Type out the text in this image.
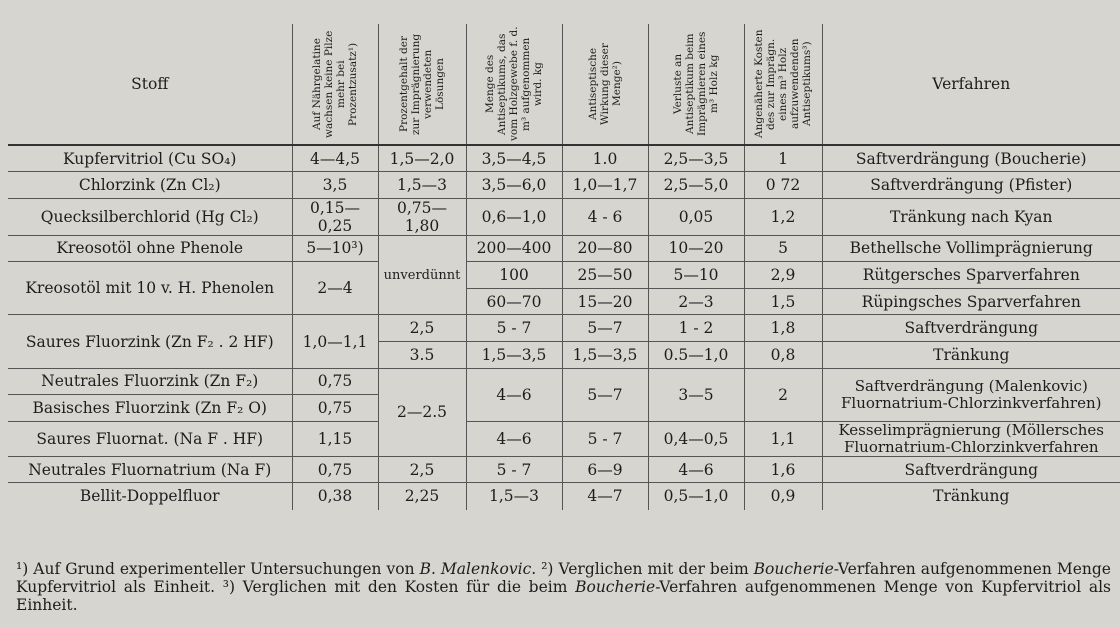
Stoff	Auf Nährgelatine wachsen keine Pilze mehr bei Prozentzusatz¹)	Prozentgehalt der zur Imprägnierung verwendeten Lösungen	Menge des Antiseptikums, das vom Holzgewebe f. d. m³ aufgenommen wird. kg	Antiseptische Wirkung dieser Menge²)	Verluste an Antiseptikum beim Imprägnieren eines m³ Holz kg	Angenäherte Kosten des zur Imprägn. eines m³ Holz aufzuwendenden Antiseptikums³)	Verfahren
Kupfervitriol (Cu SO₄)	4—4,5	1,5—2,0	3,5—4,5	1.0	2,5—3,5	1	Saftverdrängung (Boucherie)
Chlorzink (Zn Cl₂)	3,5	1,5—3	3,5—6,0	1,0—1,7	2,5—5,0	0 72	Saftverdrängung (Pfister)
Quecksilberchlorid (Hg Cl₂)	0,15—0,25	0,75—1,80	0,6—1,0	4 - 6	0,05	1,2	Tränkung nach Kyan
Kreosotöl ohne Phenole	5—10³)	unverdünnt	200—400	20—80	10—20	5	Bethellsche Vollimprägnierung
Kreosotöl mit 10 v. H. Phenolen	2—4		100	25—50	5—10	2,9	Rütgersches Sparverfahren
			60—70	15—20	2—3	1,5	Rüpingsches Sparverfahren
Saures Fluorzink (Zn F₂ . 2 HF)	1,0—1,1	2,5	5 - 7	5—7	1 - 2	1,8	Saftverdrängung
		3.5	1,5—3,5	1,5—3,5	0.5—1,0	0,8	Tränkung
Neutrales Fluorzink (Zn F₂)	0,75	2—2.5	4—6	5—7	3—5	2	Saftverdrängung (Malenkovic)
Fluornatrium-Chlorzinkverfahren)
Basisches Fluorzink (Zn F₂ O)	0,75						
Saures Fluornat. (Na F . HF)	1,15		4—6	5 - 7	0,4—0,5	1,1	Kesselimprägnierung (Möllersches
Fluornatrium-Chlorzinkverfahren
Neutrales Fluornatrium (Na F)	0,75	2,5	5 - 7	6—9	4—6	1,6	Saftverdrängung
Bellit-Doppelfluor	0,38	2,25	1,5—3	4—7	0,5—1,0	0,9	Tränkung

¹) Auf Grund experimenteller Untersuchungen von B. Malenkovic. ²) Verglichen mit der beim Boucherie-Verfahren aufgenommenen Menge Kupfervitriol als Einheit. ³) Verglichen mit den Kosten für die beim Boucherie-Verfahren aufgenommenen Menge von Kupfervitriol als Einheit.
